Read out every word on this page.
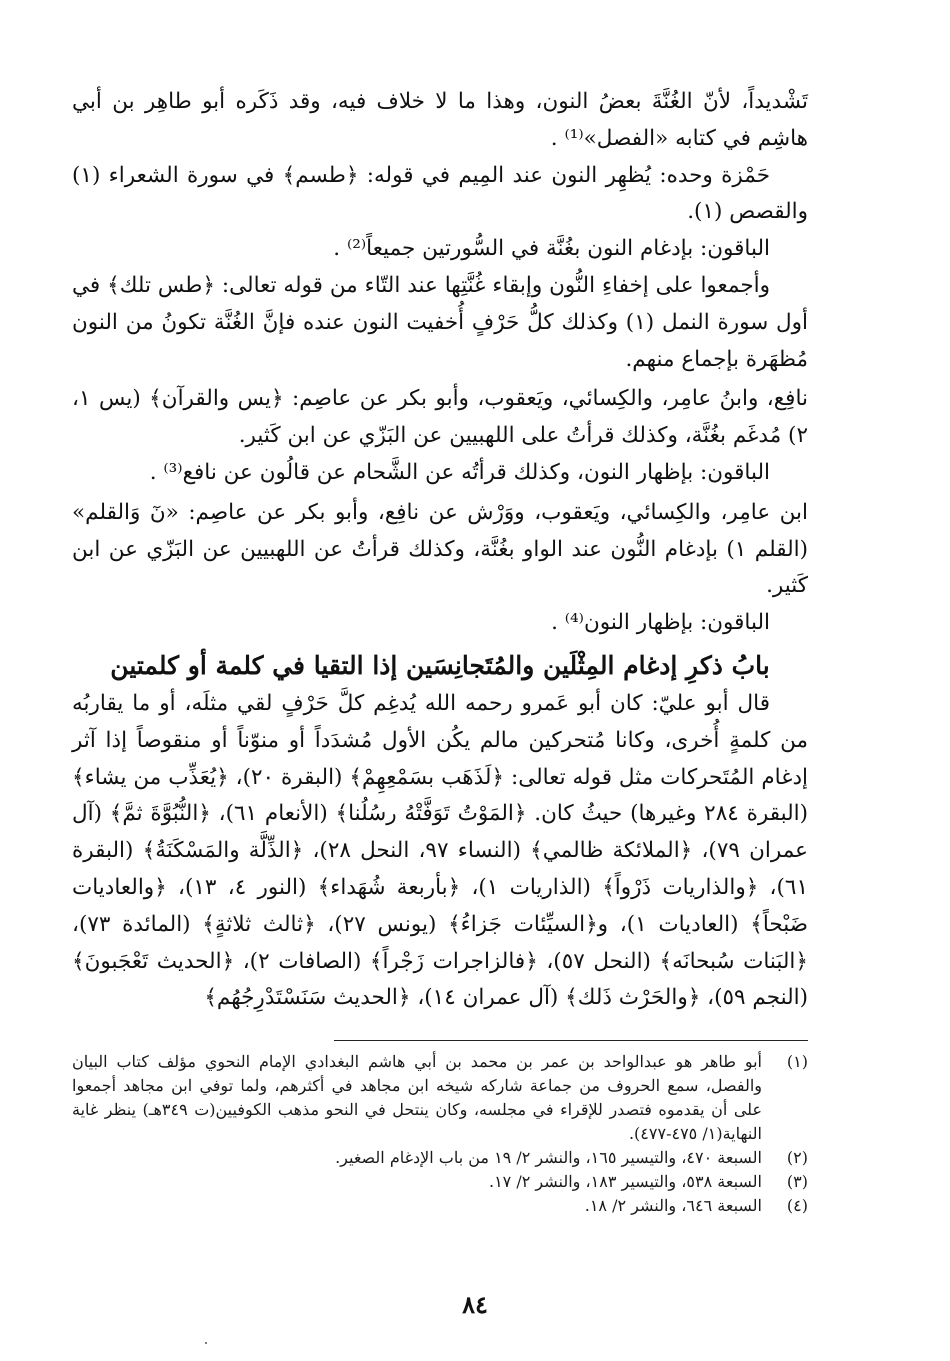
تَشْديداً، لأنّ الغُنَّةَ بعضُ النون، وهذا ما لا خلاف فيه، وقد ذَكَره أبو طاهِر بن أبي هاشِم في كتابه «الفصل»⁽¹⁾ .

حَمْزة وحده: يُظهِر النون عند المِيم في قوله: ﴿طسم﴾ في سورة الشعراء (١) والقصص (١).

الباقون: بإدغام النون بغُنَّة في السُّورتين جميعاً⁽²⁾ .

وأجمعوا على إخفاءِ النُّون وإبقاء غُنَّتِها عند التّاء من قوله تعالى: ﴿طس تلك﴾ في أول سورة النمل (١) وكذلك كلُّ حَرْفٍ أُخفيت النون عنده فإنَّ الغُنَّة تكونُ من النون مُظهَرة بإجماع منهم.

نافِع، وابنُ عامِر، والكِسائي، ويَعقوب، وأبو بكر عن عاصِم: ﴿يس والقرآن﴾ (يس ١، ٢) مُدغَم بغُنَّة، وكذلك قرأتُ على اللهبيين عن البَزّي عن ابن كَثير.

الباقون: بإظهار النون، وكذلك قرأتُه عن الشَّحام عن قالُون عن نافع⁽³⁾ .

ابن عامِر، والكِسائي، ويَعقوب، ووَرْش عن نافِع، وأبو بكر عن عاصِم: «نٓ وَالقلم» (القلم ١) بإدغام النُّون عند الواو بغُنَّة، وكذلك قرأتُ عن اللهبيين عن البَزّي عن ابن كَثير.

الباقون: بإظهار النون⁽⁴⁾ .

بابُ ذكرِ إدغام المِثْلَين والمُتَجانِسَين إذا التقيا في كلمة أو كلمتين

قال أبو عليّ: كان أبو عَمرو رحمه الله يُدغِم كلَّ حَرْفٍ لقي مثلَه، أو ما يقاربُه من كلمةٍ أُخرى، وكانا مُتحركين مالم يكُن الأول مُشدَداً أو منوّناً أو منقوصاً إذا آثر إدغام المُتَحركات مثل قوله تعالى: ﴿لَذَهَب بسَمْعِهِمْ﴾ (البقرة ٢٠)، ﴿يُعَذِّب من يشاء﴾ (البقرة ٢٨٤ وغيرها) حيثُ كان. ﴿المَوْتُ تَوَفَّتْهُ رسُلُنا﴾ (الأنعام ٦١)، ﴿النُّبُوَّةَ ثمَّ﴾ (آل عمران ٧٩)، ﴿الملائكة ظالمي﴾ (النساء ٩٧، النحل ٢٨)، ﴿الذِّلَّة والمَسْكَنَةُ﴾ (البقرة ٦١)، ﴿والذاريات ذَرْواً﴾ (الذاريات ١)، ﴿بأربعة شُهَداء﴾ (النور ٤، ١٣)، ﴿والعاديات ضَبْحاً﴾ (العاديات ١)، و﴿السيِّئات جَزاءُ﴾ (يونس ٢٧)، ﴿ثالث ثلاثةٍ﴾ (المائدة ٧٣)، ﴿البَنات سُبحانَه﴾ (النحل ٥٧)، ﴿فالزاجرات زَجْراً﴾ (الصافات ٢)، ﴿الحديث تَعْجَبونَ﴾ (النجم ٥٩)، ﴿والحَرْث ذَلك﴾ (آل عمران ١٤)، ﴿الحديث سَنَسْتَدْرِجُهُم﴾

(١)
أبو طاهر هو عبدالواحد بن عمر بن محمد بن أبي هاشم البغدادي الإمام النحوي مؤلف كتاب البيان والفصل، سمع الحروف من جماعة شاركه شيخه ابن مجاهد في أكثرهم، ولما توفي ابن مجاهد أجمعوا على أن يقدموه فتصدر للإقراء في مجلسه، وكان ينتحل في النحو مذهب الكوفيين(ت ٣٤٩هـ) ينظر غاية النهاية(١/ ٤٧٥-٤٧٧).
(٢)
السبعة ٤٧٠، والتيسير ١٦٥، والنشر ٢/ ١٩ من باب الإدغام الصغير.
(٣)
السبعة ٥٣٨، والتيسير ١٨٣، والنشر ٢/ ١٧.
(٤)
السبعة ٦٤٦، والنشر ٢/ ١٨.
٨٤
